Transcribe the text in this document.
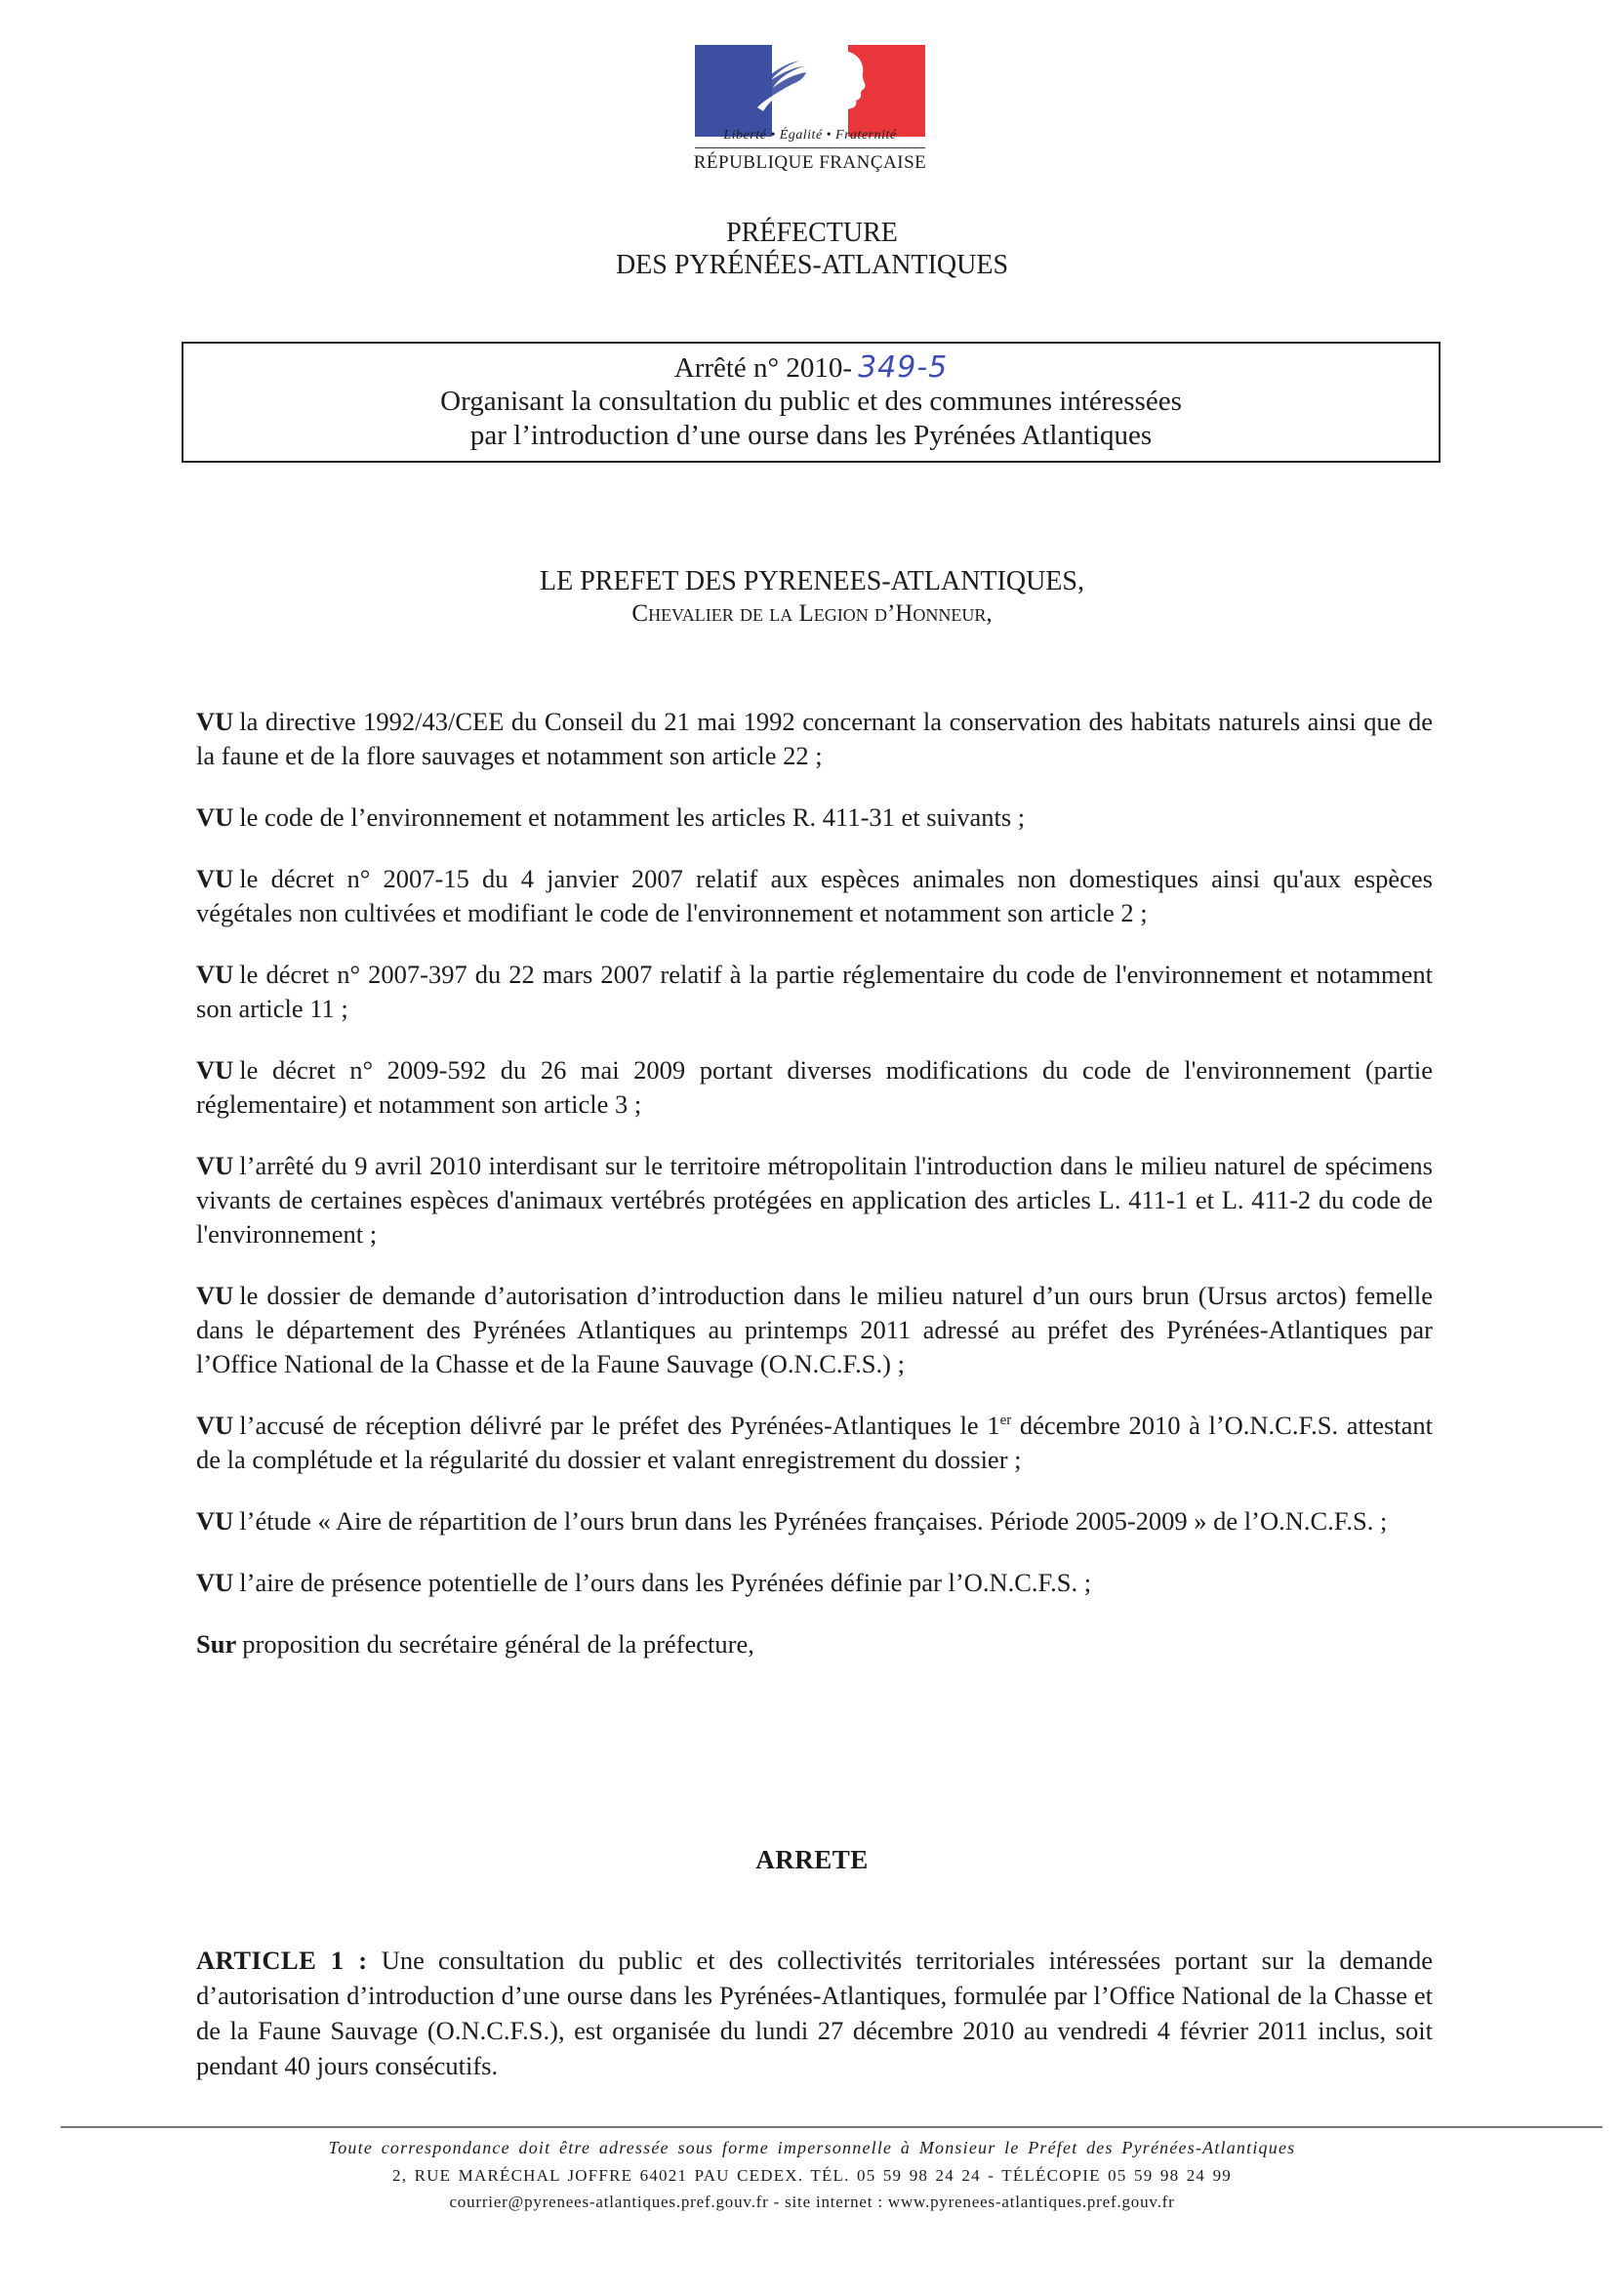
Liberté • Égalité • Fraternité
RÉPUBLIQUE FRANÇAISE
PRÉFECTURE
DES PYRÉNÉES-ATLANTIQUES
Arrêté n° 2010- 349-5
Organisant la consultation du public et des communes intéressées
par l’introduction d’une ourse dans les Pyrénées Atlantiques
LE PREFET DES PYRENEES-ATLANTIQUES,
Chevalier de la Legion d’Honneur,

VU la directive 1992/43/CEE du Conseil du 21 mai 1992 concernant la conservation des habitats naturels ainsi que de la faune et de la flore sauvages et notamment son article 22 ;

VU le code de l’environnement et notamment les articles R. 411-31 et suivants ;

VU le décret n° 2007-15 du 4 janvier 2007 relatif aux espèces animales non domestiques ainsi qu'aux espèces végétales non cultivées et modifiant le code de l'environnement et notamment son article 2 ;

VU le décret n° 2007-397 du 22 mars 2007 relatif à la partie réglementaire du code de l'environnement et notamment son article 11 ;

VU le décret n° 2009-592 du 26 mai 2009 portant diverses modifications du code de l'environnement (partie réglementaire) et notamment son article 3 ;

VU l’arrêté du 9 avril 2010 interdisant sur le territoire métropolitain l'introduction dans le milieu naturel de spécimens vivants de certaines espèces d'animaux vertébrés protégées en application des articles L. 411-1 et L. 411-2 du code de l'environnement ;

VU le dossier de demande d’autorisation d’introduction dans le milieu naturel d’un ours brun (Ursus arctos) femelle dans le département des Pyrénées Atlantiques au printemps 2011 adressé au préfet des Pyrénées-Atlantiques par l’Office National de la Chasse et de la Faune Sauvage (O.N.C.F.S.) ;

VU l’accusé de réception délivré par le préfet des Pyrénées-Atlantiques le 1er décembre 2010 à l’O.N.C.F.S. attestant de la complétude et la régularité du dossier et valant enregistrement du dossier ;

VU l’étude « Aire de répartition de l’ours brun dans les Pyrénées françaises. Période 2005-2009 » de l’O.N.C.F.S. ;

VU l’aire de présence potentielle de l’ours dans les Pyrénées définie par l’O.N.C.F.S. ;

Sur proposition du secrétaire général de la préfecture,

ARRETE

ARTICLE 1 : Une consultation du public et des collectivités territoriales intéressées portant sur la demande d’autorisation d’introduction d’une ourse dans les Pyrénées-Atlantiques, formulée par l’Office National de la Chasse et de la Faune Sauvage (O.N.C.F.S.), est organisée du lundi 27 décembre 2010 au vendredi 4 février 2011 inclus, soit pendant 40 jours consécutifs.

Toute correspondance doit être adressée sous forme impersonnelle à Monsieur le Préfet des Pyrénées-Atlantiques
2, RUE MARÉCHAL JOFFRE 64021 PAU CEDEX. TÉL. 05 59 98 24 24 - TÉLÉCOPIE 05 59 98 24 99
courrier@pyrenees-atlantiques.pref.gouv.fr - site internet : www.pyrenees-atlantiques.pref.gouv.fr
